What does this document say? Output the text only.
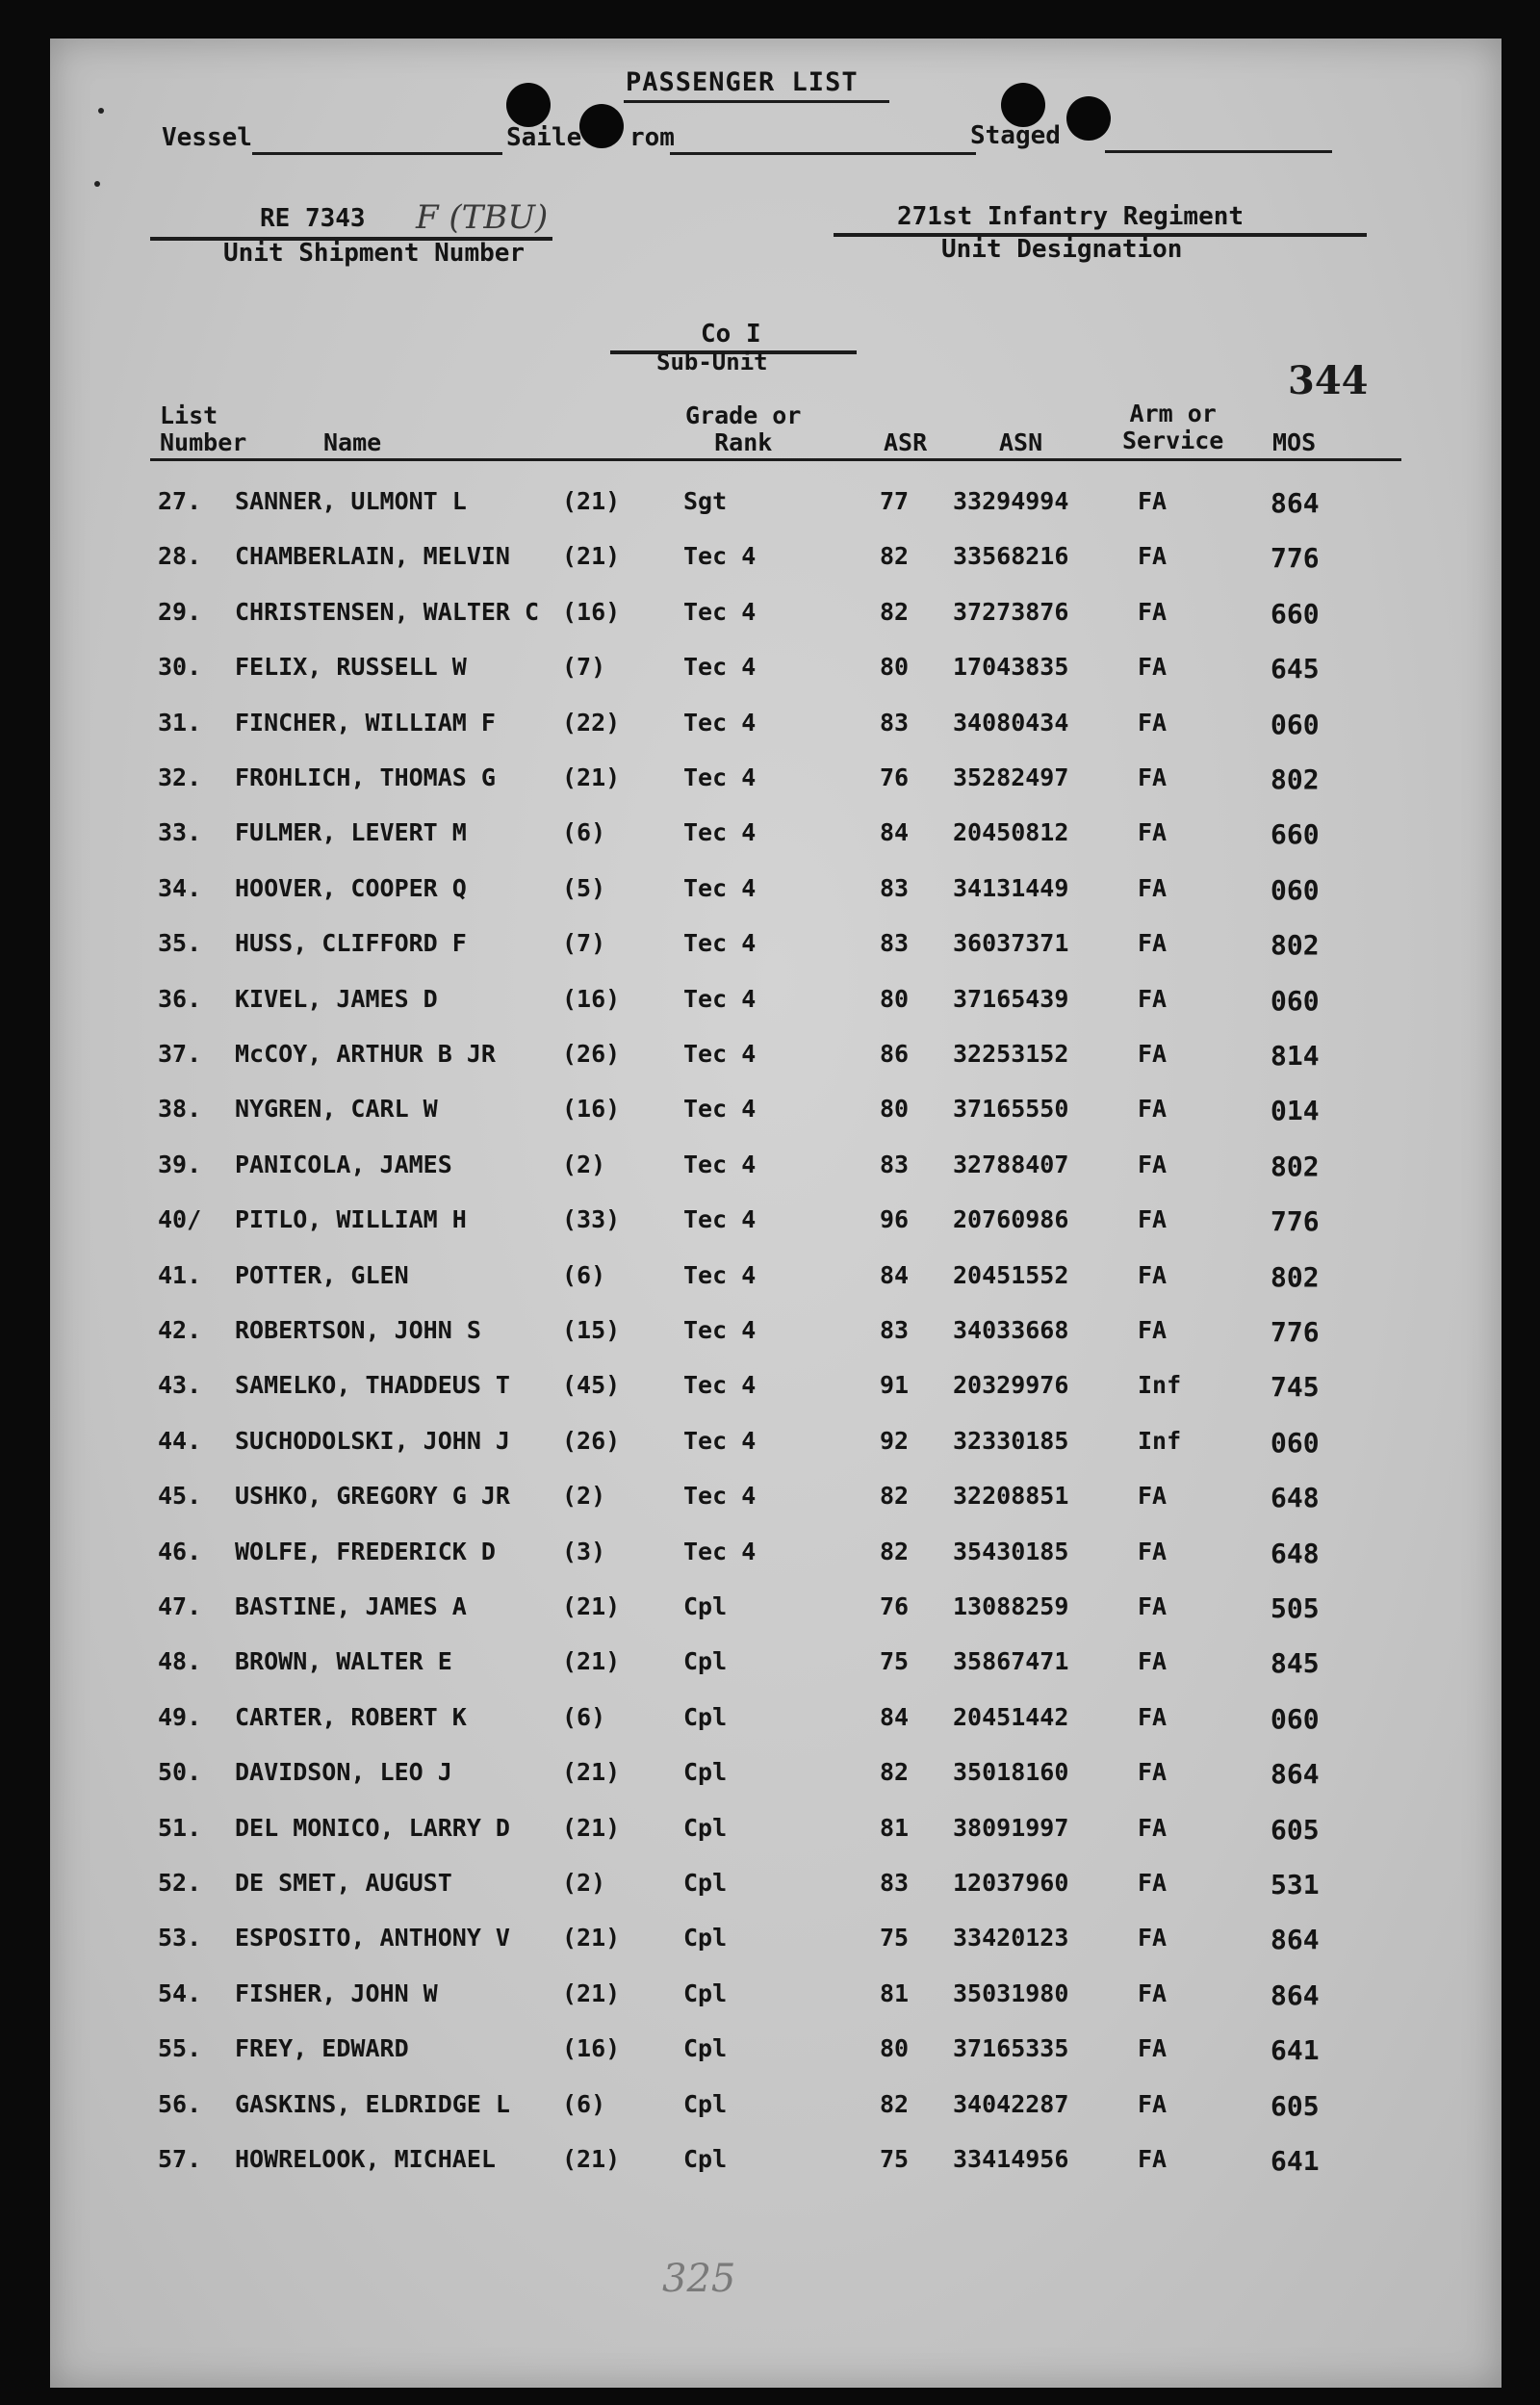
PASSENGER LIST
Vessel	Saile rom	Staged
RE 7343 F (TBU)
Unit Shipment Number
271st Infantry Regiment
Unit Designation
Co I
Sub-Unit	344
List
Number	Name
Grade or
Rank	ASR	ASN
Arm or
Service MOS
27. SANNER, ULMONT L	(21)	Sgt	77 33294994	FA	864
28. CHAMBERLAIN, MELVIN (21)	Tec 4	82 33568216	FA	776
29. CHRISTENSEN, WALTER C (16)	Tec 4	82 37273876	FA	660
30. FELIX, RUSSELL W	(7)	Tec 4	80 17043835	FA	645
31. FINCHER, WILLIAM F	(22)	Tec 4	83 34080434	FA	060
32. FROHLICH, THOMAS G	(21)	Tec 4	76 35282497	FA	802
33. FULMER, LEVERT M	(6)	Tec 4	84 20450812	FA	660
34. HOOVER, COOPER Q	(5)	Tec 4	83 34131449	FA	060
35. HUSS, CLIFFORD F	(7)	Tec 4	83 36037371	FA	802
36. KIVEL, JAMES D	(16)	Tec 4	80 37165439	FA	060
37. McCOY, ARTHUR B JR	(26)	Tec 4	86 32253152	FA	814
38. NYGREN, CARL W	(16)	Tec 4	80 37165550	FA	014
39. PANICOLA, JAMES	(2)	Tec 4	83 32788407	FA	802
40/ PITLO, WILLIAM H	(33)	Tec 4	96 20760986	FA	776
41. POTTER, GLEN	(6)	Tec 4	84 20451552	FA	802
42. ROBERTSON, JOHN S	(15)	Tec 4	83 34033668	FA	776
43. SAMELKO, THADDEUS T (45)	Tec 4	91 20329976	Inf	745
44. SUCHODOLSKI, JOHN J (26)	Tec 4	92 32330185	Inf	060
45. USHKO, GREGORY G JR (2)	Tec 4	82 32208851	FA	648
46. WOLFE, FREDERICK D	(3)	Tec 4	82 35430185	FA	648
47. BASTINE, JAMES A	(21)	Cpl	76 13088259	FA	505
48. BROWN, WALTER E	(21)	Cpl	75 35867471	FA	845
49. CARTER, ROBERT K	(6)	Cpl	84 20451442	FA	060
50. DAVIDSON, LEO J	(21)	Cpl	82 35018160	FA	864
51. DEL MONICO, LARRY D (21)	Cpl	81 38091997	FA	605
52. DE SMET, AUGUST	(2)	Cpl	83 12037960	FA	531
53. ESPOSITO, ANTHONY V (21)	Cpl	75 33420123	FA	864
54. FISHER, JOHN W	(21)	Cpl	81 35031980	FA	864
55. FREY, EDWARD	(16)	Cpl	80 37165335	FA	641
56. GASKINS, ELDRIDGE L (6)	Cpl	82 34042287	FA	605
57. HOWRELOOK, MICHAEL	(21)	Cpl	75 33414956	FA	641
325
